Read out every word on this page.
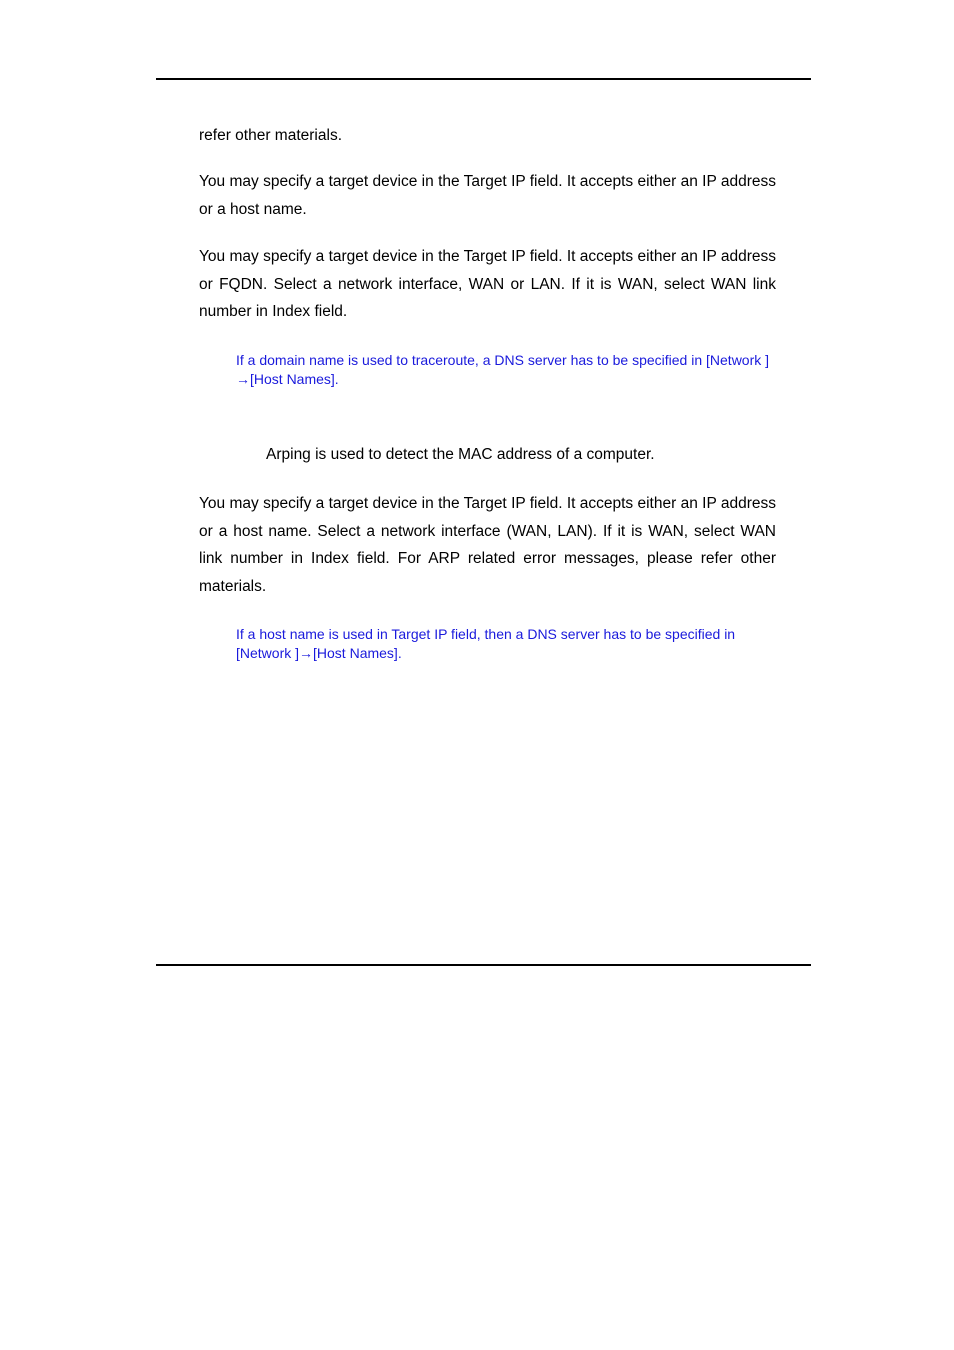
refer other materials.

You may specify a target device in the Target IP field. It accepts either an IP address or a host name.

You may specify a target device in the Target IP field. It accepts either an IP address or FQDN. Select a network interface, WAN or LAN. If it is WAN, select WAN link number in Index field.

If a domain name is used to traceroute, a DNS server has to be specified in [Network ]
→[Host Names].

Arping is used to detect the MAC address of a computer.

You may specify a target device in the Target IP field. It accepts either an IP address or a host name. Select a network interface (WAN, LAN). If it is WAN, select WAN link number in Index field. For ARP related error messages, please refer other materials.

If a host name is used in Target IP field, then a DNS server has to be specified in
[Network ]→[Host Names].
